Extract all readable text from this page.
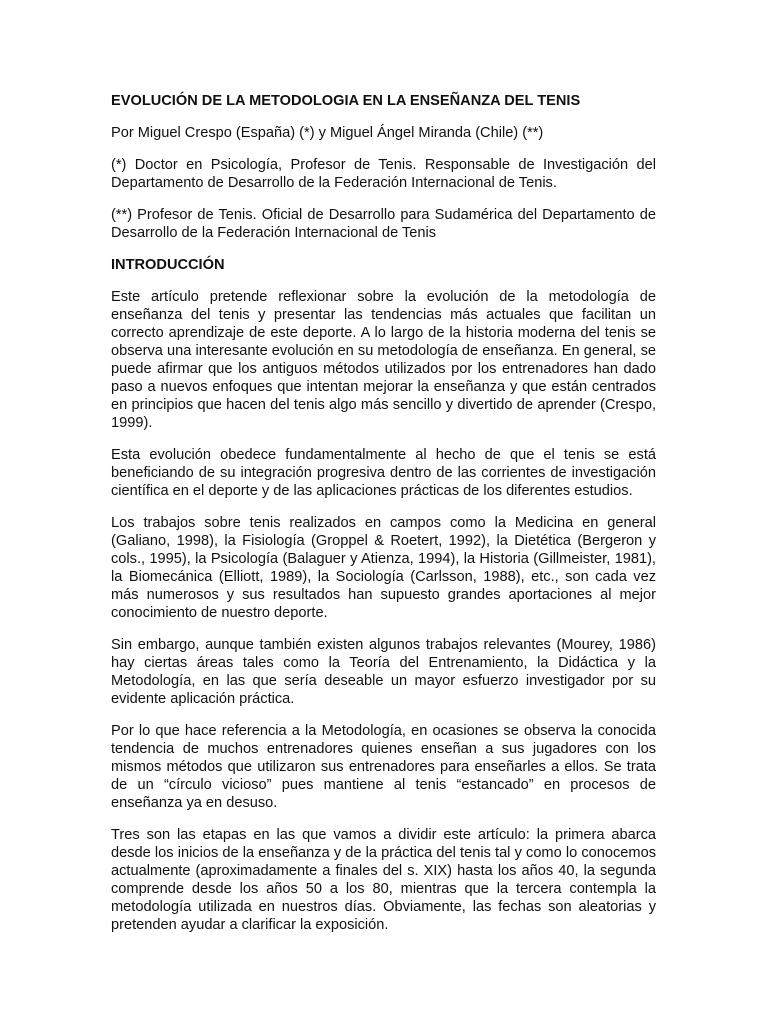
EVOLUCIÓN DE LA METODOLOGIA EN LA ENSEÑANZA DEL TENIS
Por Miguel Crespo (España) (*) y Miguel Ángel Miranda (Chile) (**)
(*) Doctor en Psicología, Profesor de Tenis. Responsable de Investigación del Departamento de Desarrollo de la Federación Internacional de Tenis.
(**) Profesor de Tenis. Oficial de Desarrollo para Sudamérica del Departamento de Desarrollo de la Federación Internacional de Tenis
INTRODUCCIÓN
Este artículo pretende reflexionar sobre la evolución de la metodología de enseñanza del tenis y presentar las tendencias más actuales que facilitan un correcto aprendizaje de este deporte. A lo largo de la historia moderna del tenis se observa una interesante evolución en su metodología de enseñanza. En general, se puede afirmar que los antiguos métodos utilizados por los entrenadores han dado paso a nuevos enfoques que intentan mejorar la enseñanza y que están centrados en principios que hacen del tenis algo más sencillo y divertido de aprender (Crespo, 1999).
Esta evolución obedece fundamentalmente al hecho de que el tenis se está beneficiando de su integración progresiva dentro de las corrientes de investigación científica en el deporte y de las aplicaciones prácticas de los diferentes estudios.
Los trabajos sobre tenis realizados en campos como la Medicina en general (Galiano, 1998), la Fisiología (Groppel & Roetert, 1992), la Dietética (Bergeron y cols., 1995), la Psicología (Balaguer y Atienza, 1994), la Historia (Gillmeister, 1981), la Biomecánica (Elliott, 1989), la Sociología (Carlsson, 1988), etc., son cada vez más numerosos y sus resultados han supuesto grandes aportaciones al mejor conocimiento de nuestro deporte.
Sin embargo, aunque también existen algunos trabajos relevantes (Mourey, 1986) hay ciertas áreas tales como la Teoría del Entrenamiento, la Didáctica y la Metodología, en las que sería deseable un mayor esfuerzo investigador por su evidente aplicación práctica.
Por lo que hace referencia a la Metodología, en ocasiones se observa la conocida tendencia de muchos entrenadores quienes enseñan a sus jugadores con los mismos métodos que utilizaron sus entrenadores para enseñarles a ellos. Se trata de un “círculo vicioso” pues mantiene al tenis “estancado” en procesos de enseñanza ya en desuso.
Tres son las etapas en las que vamos a dividir este artículo: la primera abarca desde los inicios de la enseñanza y de la práctica del tenis tal y como lo conocemos actualmente (aproximadamente a finales del s. XIX) hasta los años 40, la segunda comprende desde los años 50 a los 80, mientras que la tercera contempla la metodología utilizada en nuestros días. Obviamente, las fechas son aleatorias y pretenden ayudar a clarificar la exposición.
